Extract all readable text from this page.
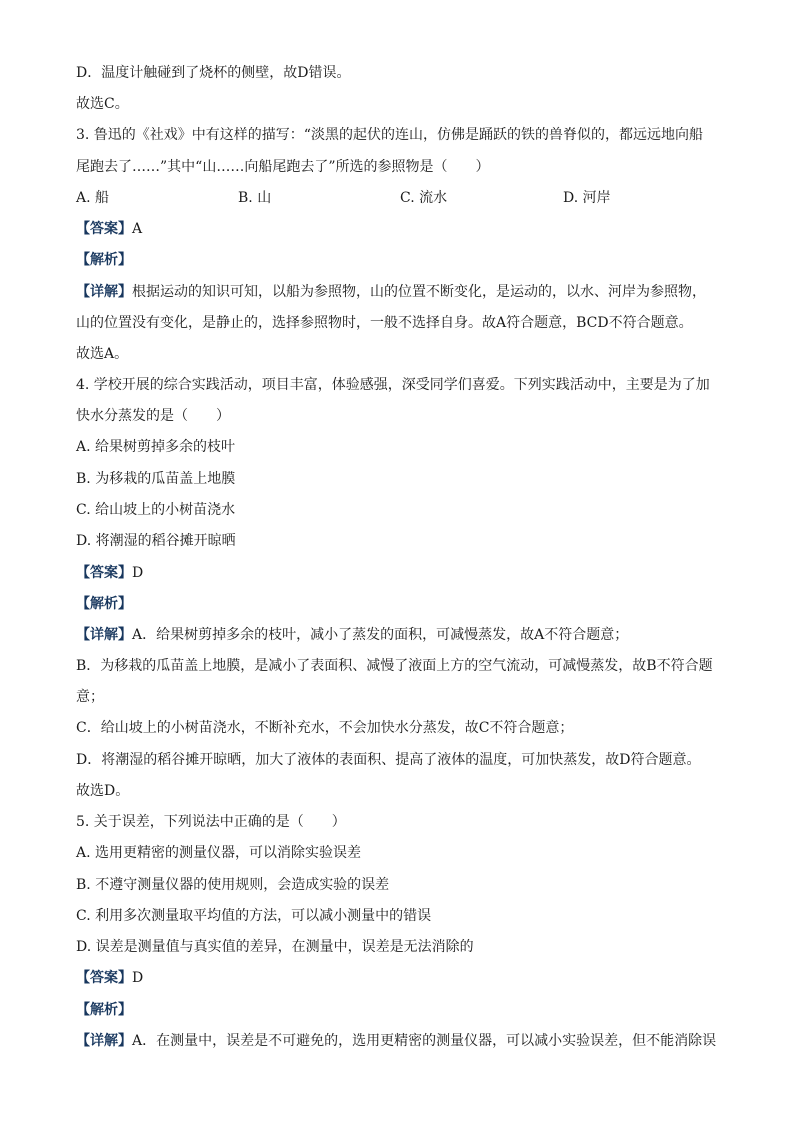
D．温度计触碰到了烧杯的侧壁，故D错误。
故选C。
3. 鲁迅的《社戏》中有这样的描写：“淡黑的起伏的连山，仿佛是踊跃的铁的兽脊似的，都远远地向船
尾跑去了……”其中“山……向船尾跑去了”所选的参照物是（　　）
A. 船	B. 山	C. 流水	D. 河岸
【答案】A
【解析】
【详解】根据运动的知识可知，以船为参照物，山的位置不断变化，是运动的，以水、河岸为参照物，
山的位置没有变化，是静止的，选择参照物时，一般不选择自身。故A符合题意，BCD不符合题意。
故选A。
4. 学校开展的综合实践活动，项目丰富，体验感强，深受同学们喜爱。下列实践活动中，主要是为了加
快水分蒸发的是（　　）
A. 给果树剪掉多余的枝叶
B. 为移栽的瓜苗盖上地膜
C. 给山坡上的小树苗浇水
D. 将潮湿的稻谷摊开晾晒
【答案】D
【解析】
【详解】A．给果树剪掉多余的枝叶，减小了蒸发的面积，可减慢蒸发，故A不符合题意；
B．为移栽的瓜苗盖上地膜，是减小了表面积、减慢了液面上方的空气流动，可减慢蒸发，故B不符合题
意；
C．给山坡上的小树苗浇水，不断补充水，不会加快水分蒸发，故C不符合题意；
D．将潮湿的稻谷摊开晾晒，加大了液体的表面积、提高了液体的温度，可加快蒸发，故D符合题意。
故选D。
5. 关于误差，下列说法中正确的是（　　）
A. 选用更精密的测量仪器，可以消除实验误差
B. 不遵守测量仪器的使用规则，会造成实验的误差
C. 利用多次测量取平均值的方法，可以减小测量中的错误
D. 误差是测量值与真实值的差异，在测量中，误差是无法消除的
【答案】D
【解析】
【详解】A．在测量中，误差是不可避免的，选用更精密的测量仪器，可以减小实验误差，但不能消除误
